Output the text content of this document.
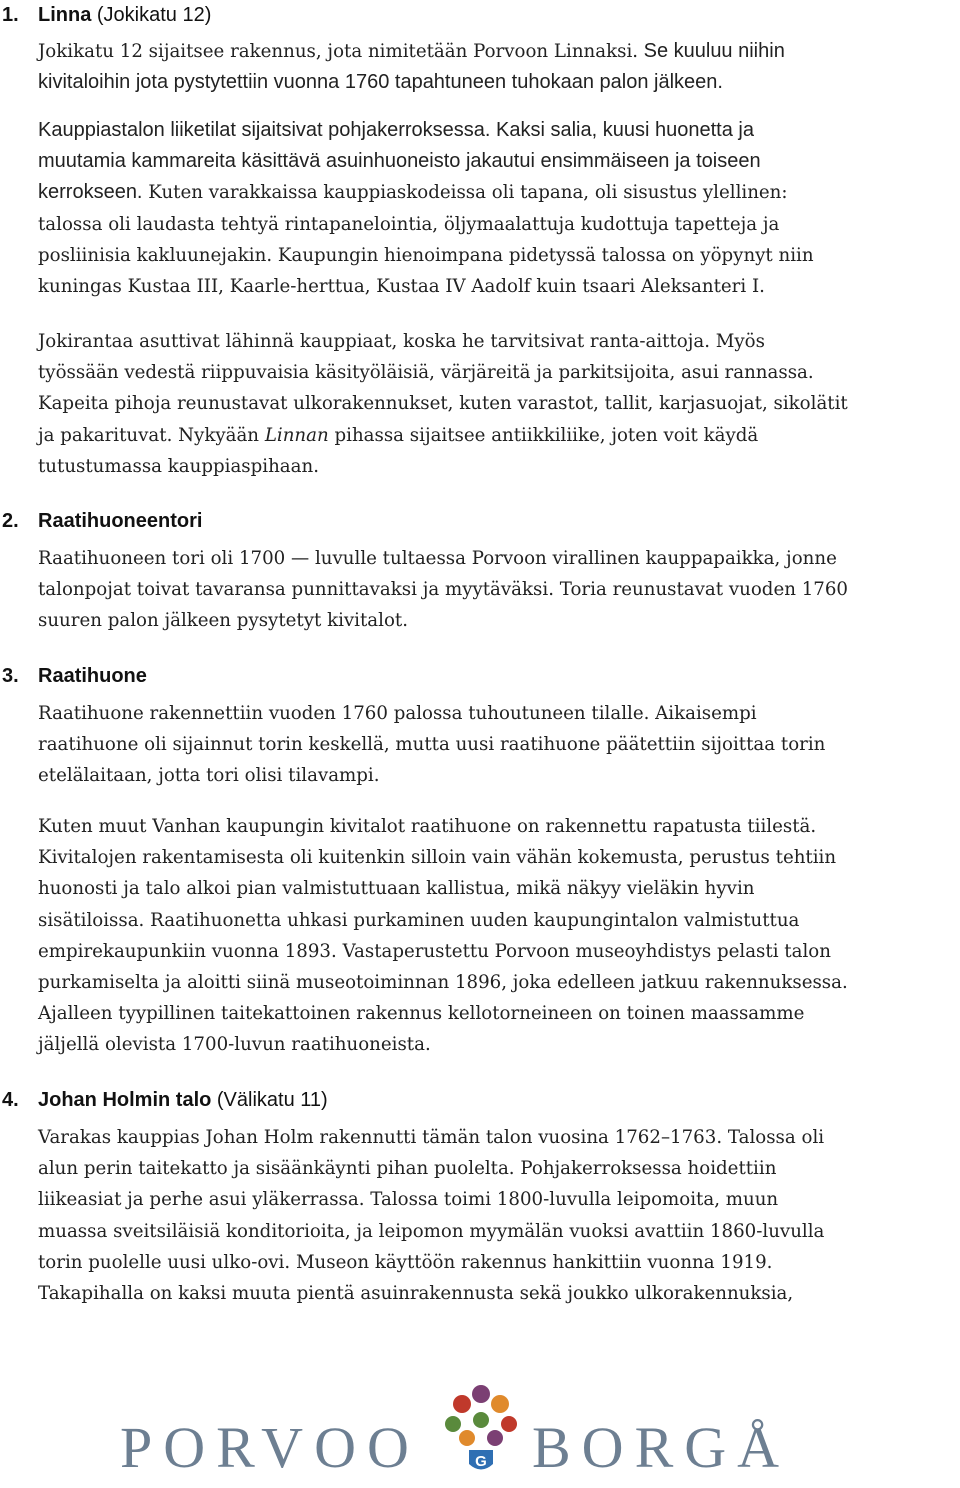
1. Linna (Jokikatu 12)
Jokikatu 12 sijaitsee rakennus, jota nimitetään Porvoon Linnaksi. Se kuuluu niihin
kivitaloihin jota pystytettiin vuonna 1760 tapahtuneen tuhokaan palon jälkeen.
Kauppiastalon liiketilat sijaitsivat pohjakerroksessa. Kaksi salia, kuusi huonetta ja
muutamia kammareita käsittävä asuinhuoneisto jakautui ensimmäiseen ja toiseen
kerrokseen. Kuten varakkaissa kauppiaskodeissa oli tapana, oli sisustus ylellinen:
talossa oli laudasta tehtyä rintapanelointia, öljymaalattuja kudottuja tapetteja ja
posliinisia kakluunejakin. Kaupungin hienoimpana pidetyssä talossa on yöpynyt niin
kuningas Kustaa III, Kaarle-herttua, Kustaa IV Aadolf kuin tsaari Aleksanteri I.
Jokirantaa asuttivat lähinnä kauppiaat, koska he tarvitsivat ranta-aittoja. Myös
työssään vedestä riippuvaisia käsityöläisiä, värjäreitä ja parkitsijoita, asui rannassa.
Kapeita pihoja reunustavat ulkorakennukset, kuten varastot, tallit, karjasuojat, sikolätit
ja pakarituvat. Nykyään Linnan pihassa sijaitsee antiikkiliike, joten voit käydä
tutustumassa kauppiaspihaan.
2. Raatihuoneentori
Raatihuoneen tori oli 1700 — luvulle tultaessa Porvoon virallinen kauppapaikka, jonne
talonpojat toivat tavaransa punnittavaksi ja myytäväksi. Toria reunustavat vuoden 1760
suuren palon jälkeen pysytetyt kivitalot.
3. Raatihuone
Raatihuone rakennettiin vuoden 1760 palossa tuhoutuneen tilalle. Aikaisempi
raatihuone oli sijainnut torin keskellä, mutta uusi raatihuone päätettiin sijoittaa torin
etelälaitaan, jotta tori olisi tilavampi.
Kuten muut Vanhan kaupungin kivitalot raatihuone on rakennettu rapatusta tiilestä.
Kivitalojen rakentamisesta oli kuitenkin silloin vain vähän kokemusta, perustus tehtiin
huonosti ja talo alkoi pian valmistuttuaan kallistua, mikä näkyy vieläkin hyvin
sisätiloissa. Raatihuonetta uhkasi purkaminen uuden kaupungintalon valmistuttua
empirekaupunkiin vuonna 1893. Vastaperustettu Porvoon museoyhdistys pelasti talon
purkamiselta ja aloitti siinä museotoiminnan 1896, joka edelleen jatkuu rakennuksessa.
Ajalleen tyypillinen taitekattoinen rakennus kellotorneineen on toinen maassamme
jäljellä olevista 1700-luvun raatihuoneista.
4. Johan Holmin talo (Välikatu 11)
Varakas kauppias Johan Holm rakennutti tämän talon vuosina 1762–1763. Talossa oli
alun perin taitekatto ja sisäänkäynti pihan puolelta. Pohjakerroksessa hoidettiin
liikeasiat ja perhe asui yläkerrassa. Talossa toimi 1800-luvulla leipomoita, muun
muassa sveitsiläisiä konditorioita, ja leipomon myymälän vuoksi avattiin 1860-luvulla
torin puolelle uusi ulko-ovi. Museon käyttöön rakennus hankittiin vuonna 1919.
Takapihalla on kaksi muuta pientä asuinrakennusta sekä joukko ulkorakennuksia,
PORVOO	G BORGÅ
